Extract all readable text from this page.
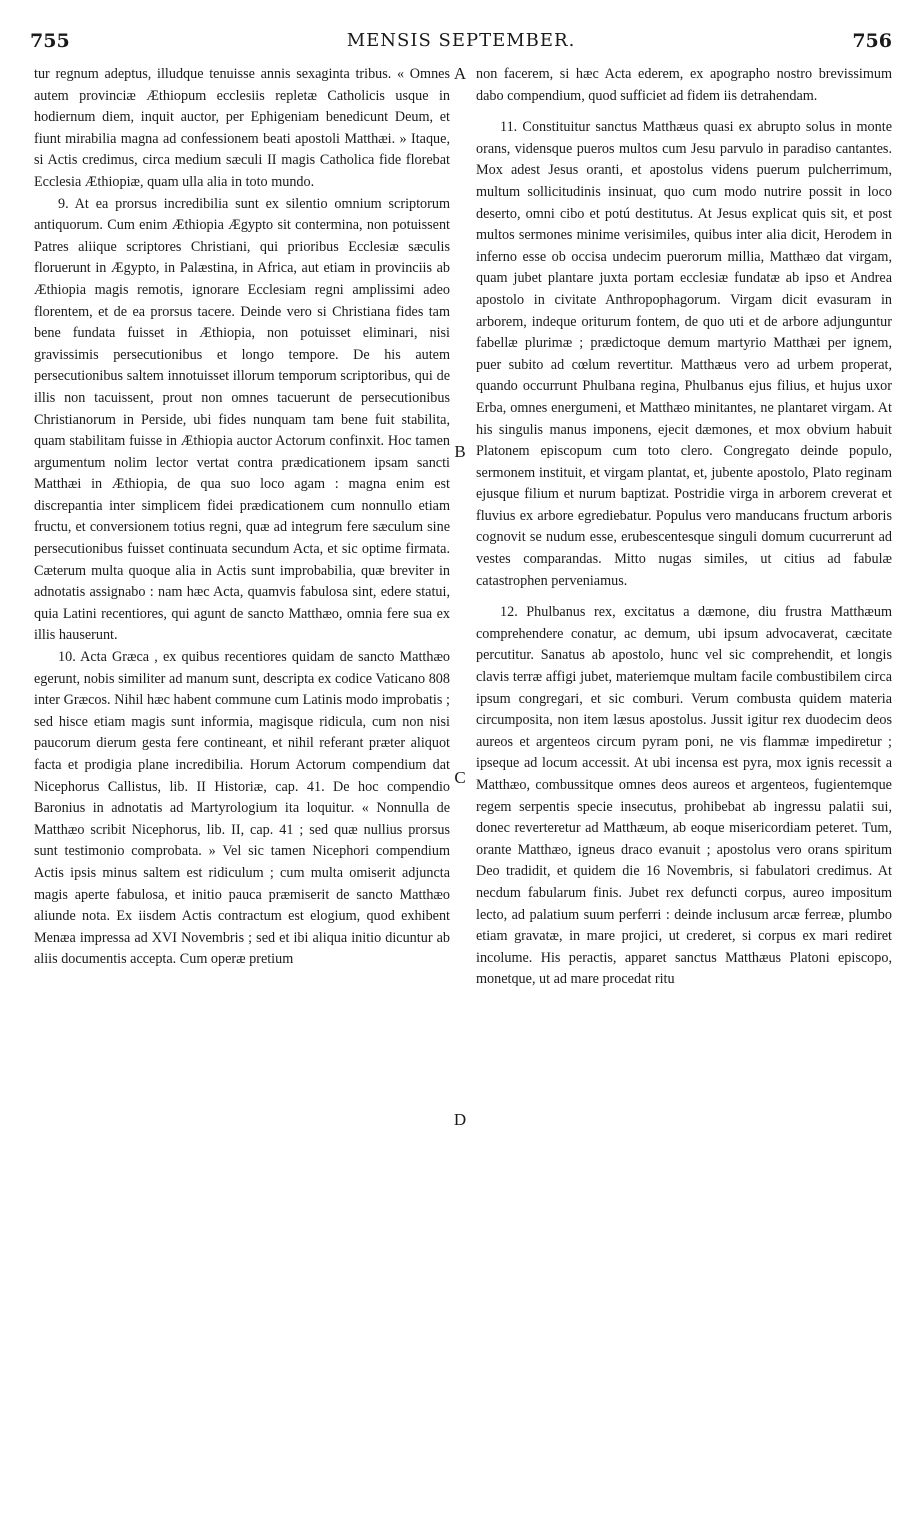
755	MENSIS SEPTEMBER.	756

tur regnum adeptus, illudque tenuisse annis sexaginta tribus. « Omnes autem provinciæ Æthiopum ecclesiis repletæ Catholicis usque in hodiernum diem, inquit auctor, per Ephigeniam benedicunt Deum, et fiunt mirabilia magna ad confessionem beati apostoli Matthæi. » Itaque, si Actis credimus, circa medium sæculi II magis Catholica fide florebat Ecclesia Æthiopiæ, quam ulla alia in toto mundo.

9. At ea prorsus incredibilia sunt ex silentio omnium scriptorum antiquorum. Cum enim Æthiopia Ægypto sit contermina, non potuissent Patres aliique scriptores Christiani, qui prioribus Ecclesiæ sæculis floruerunt in Ægypto, in Palæstina, in Africa, aut etiam in provinciis ab Æthiopia magis remotis, ignorare Ecclesiam regni amplissimi adeo florentem, et de ea prorsus tacere. Deinde vero si Christiana fides tam bene fundata fuisset in Æthiopia, non potuisset eliminari, nisi gravissimis persecutionibus et longo tempore. De his autem persecutionibus saltem innotuisset illorum temporum scriptoribus, qui de illis non tacuissent, prout non omnes tacuerunt de persecutionibus Christianorum in Perside, ubi fides nunquam tam bene fuit stabilita, quam stabilitam fuisse in Æthiopia auctor Actorum confinxit. Hoc tamen argumentum nolim lector vertat contra prædicationem ipsam sancti Matthæi in Æthiopia, de qua suo loco agam : magna enim est discrepantia inter simplicem fidei prædicationem cum nonnullo etiam fructu, et conversionem totius regni, quæ ad integrum fere sæculum sine persecutionibus fuisset continuata secundum Acta, et sic optime firmata. Cæterum multa quoque alia in Actis sunt improbabilia, quæ breviter in adnotatis assignabo : nam hæc Acta, quamvis fabulosa sint, edere statui, quia Latini recentiores, qui agunt de sancto Matthæo, omnia fere sua ex illis hauserunt.

10. Acta Græca , ex quibus recentiores quidam de sancto Matthæo egerunt, nobis similiter ad manum sunt, descripta ex codice Vaticano 808 inter Græcos. Nihil hæc habent commune cum Latinis modo improbatis ; sed hisce etiam magis sunt informia, magisque ridicula, cum non nisi paucorum dierum gesta fere contineant, et nihil referant præter aliquot facta et prodigia plane incredibilia. Horum Actorum compendium dat Nicephorus Callistus, lib. II Historiæ, cap. 41. De hoc compendio Baronius in adnotatis ad Martyrologium ita loquitur. « Nonnulla de Matthæo scribit Nicephorus, lib. II, cap. 41 ; sed quæ nullius prorsus sunt testimonio comprobata. » Vel sic tamen Nicephori compendium Actis ipsis minus saltem est ridiculum ; cum multa omiserit adjuncta magis aperte fabulosa, et initio pauca præmiserit de sancto Matthæo aliunde nota. Ex iisdem Actis contractum est elogium, quod exhibent Menæa impressa ad XVI Novembris ; sed et ibi aliqua initio dicuntur ab aliis documentis accepta. Cum operæ pretium

A
B
C
D

non facerem, si hæc Acta ederem, ex apographo nostro brevissimum dabo compendium, quod sufficiet ad fidem iis detrahendam.

11. Constituitur sanctus Matthæus quasi ex abrupto solus in monte orans, vidensque pueros multos cum Jesu parvulo in paradiso cantantes. Mox adest Jesus oranti, et apostolus videns puerum pulcherrimum, multum sollicitudinis insinuat, quo cum modo nutrire possit in loco deserto, omni cibo et potú destitutus. At Jesus explicat quis sit, et post multos sermones minime verisimiles, quibus inter alia dicit, Herodem in inferno esse ob occisa undecim puerorum millia, Matthæo dat virgam, quam jubet plantare juxta portam ecclesiæ fundatæ ab ipso et Andrea apostolo in civitate Anthropophagorum. Virgam dicit evasuram in arborem, indeque oriturum fontem, de quo uti et de arbore adjunguntur fabellæ plurimæ ; prædictoque demum martyrio Matthæi per ignem, puer subito ad cœlum revertitur. Matthæus vero ad urbem properat, quando occurrunt Phulbana regina, Phulbanus ejus filius, et hujus uxor Erba, omnes energumeni, et Matthæo minitantes, ne plantaret virgam. At his singulis manus imponens, ejecit dæmones, et mox obvium habuit Platonem episcopum cum toto clero. Congregato deinde populo, sermonem instituit, et virgam plantat, et, jubente apostolo, Plato reginam ejusque filium et nurum baptizat. Postridie virga in arborem creverat et fluvius ex arbore egrediebatur. Populus vero manducans fructum arboris cognovit se nudum esse, erubescentesque singuli domum cucurrerunt ad vestes comparandas. Mitto nugas similes, ut citius ad fabulæ catastrophen perveniamus.

12. Phulbanus rex, excitatus a dæmone, diu frustra Matthæum comprehendere conatur, ac demum, ubi ipsum advocaverat, cæcitate percutitur. Sanatus ab apostolo, hunc vel sic comprehendit, et longis clavis terræ affigi jubet, materiemque multam facile combustibilem circa ipsum congregari, et sic comburi. Verum combusta quidem materia circumposita, non item læsus apostolus. Jussit igitur rex duodecim deos aureos et argenteos circum pyram poni, ne vis flammæ impediretur ; ipseque ad locum accessit. At ubi incensa est pyra, mox ignis recessit a Matthæo, combussitque omnes deos aureos et argenteos, fugientemque regem serpentis specie insecutus, prohibebat ab ingressu palatii sui, donec reverteretur ad Matthæum, ab eoque misericordiam peteret. Tum, orante Matthæo, igneus draco evanuit ; apostolus vero orans spiritum Deo tradidit, et quidem die 16 Novembris, si fabulatori credimus. At necdum fabularum finis. Jubet rex defuncti corpus, aureo impositum lecto, ad palatium suum perferri : deinde inclusum arcæ ferreæ, plumbo etiam gravatæ, in mare projici, ut crederet, si corpus ex mari rediret incolume. His peractis, apparet sanctus Matthæus Platoni episcopo, monetque, ut ad mare procedat ritu
